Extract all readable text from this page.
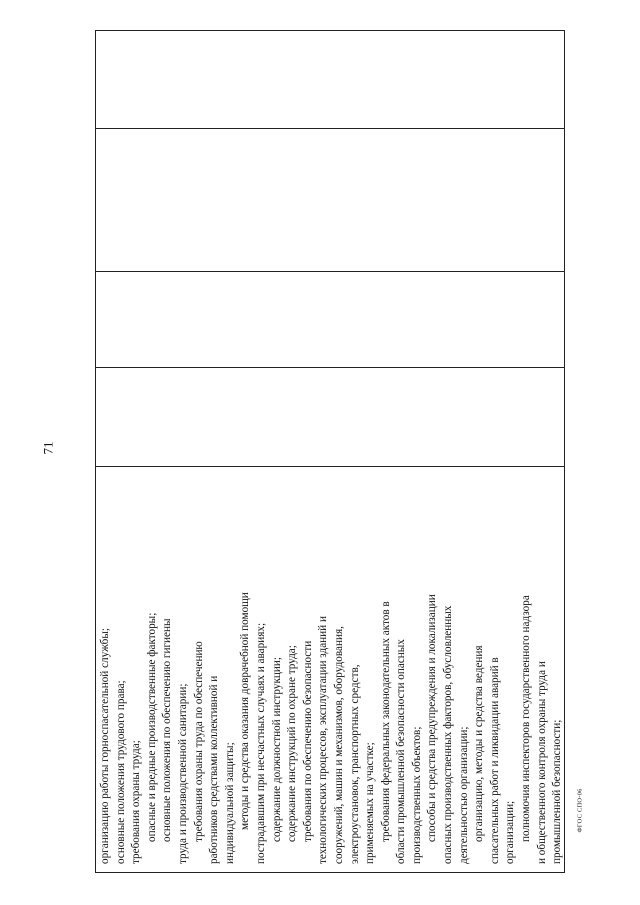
71
ФГОС СПО-06
организацию работы горноспасательной службы; основные положения трудового права; требования охраны труда; опасные и вредные производственные факторы; основные положения по обеспечению гигиены труда и производственной санитарии; требования охраны труда по обеспечению работников средствами коллективной и индивидуальной защиты; методы и средства оказания доврачебной помощи пострадавшим при несчастных случаях и авариях; содержание должностной инструкции; содержание инструкций по охране труда; требования по обеспечению безопасности технологических процессов, эксплуатации зданий и сооружений, машин и механизмов, оборудования, электроустановок, транспортных средств, применяемых на участке; требования федеральных законодательных актов в области промышленной безопасности опасных производственных объектов; способы и средства предупреждения и локализации опасных производственных факторов, обусловленных деятельностью организации; организацию, методы и средства ведения спасательных работ и ликвидации аварий в организации; полномочия инспекторов государственного надзора и общественного контроля охраны труда и промышленной безопасности;
